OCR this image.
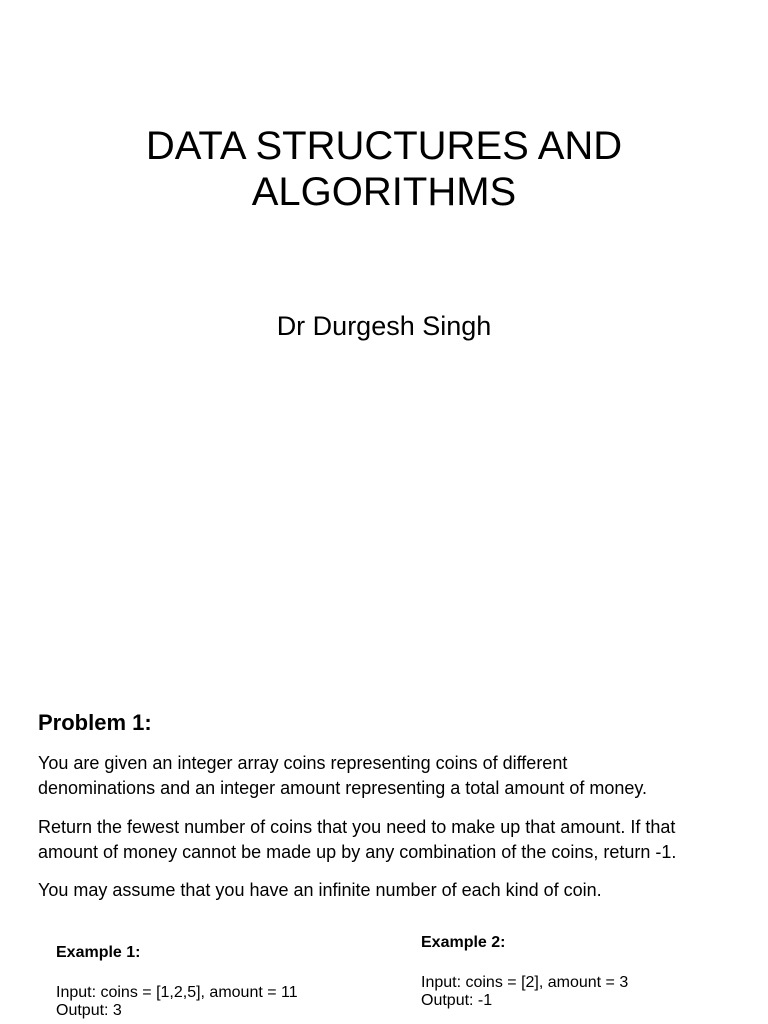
DATA STRUCTURES AND
ALGORITHMS
Dr Durgesh Singh
Problem 1:
You are given an integer array coins representing coins of different
denominations and an integer amount representing a total amount of money.
Return the fewest number of coins that you need to make up that amount. If that
amount of money cannot be made up by any combination of the coins, return -1.
You may assume that you have an infinite number of each kind of coin.
Example 1:
Input: coins = [1,2,5], amount = 11
Output: 3
Example 2:
Input: coins = [2], amount = 3
Output: -1
